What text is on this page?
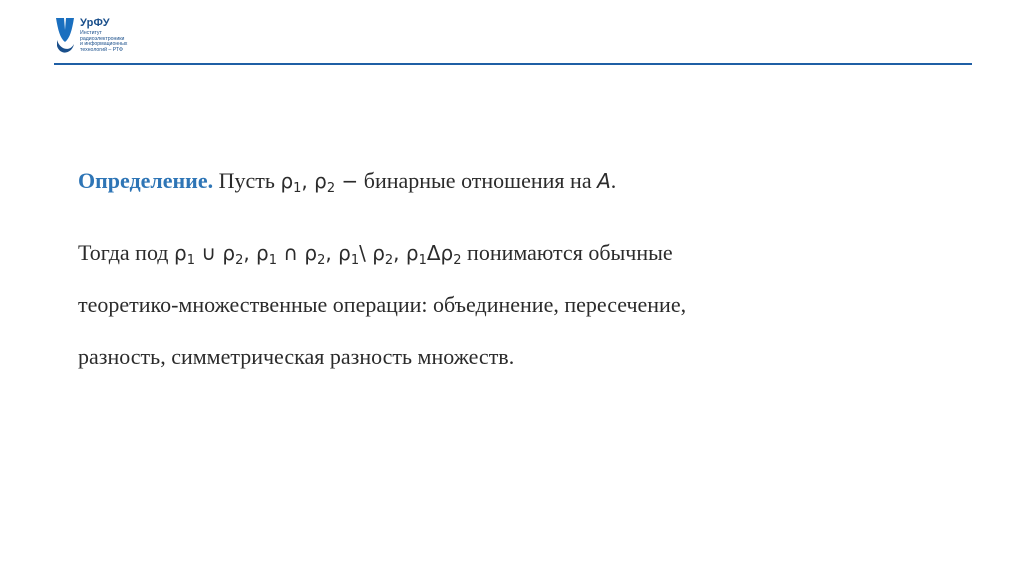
УрФУ
Институт
радиоэлектроники
и информационных
технологий – РТФ
Определение. Пусть $\rho_1$, $\rho_2$ − бинарные отношения на A.
Тогда под $\rho_1$ ∪ $\rho_2$, $\rho_1$ ∩ $\rho_2$, $\rho_1\backslash$ $\rho_2$, $\rho_1\Delta\rho_2$ понимаются обычные
теоретико-множественные операции: объединение, пересечение,
разность, симметрическая разность множеств.
